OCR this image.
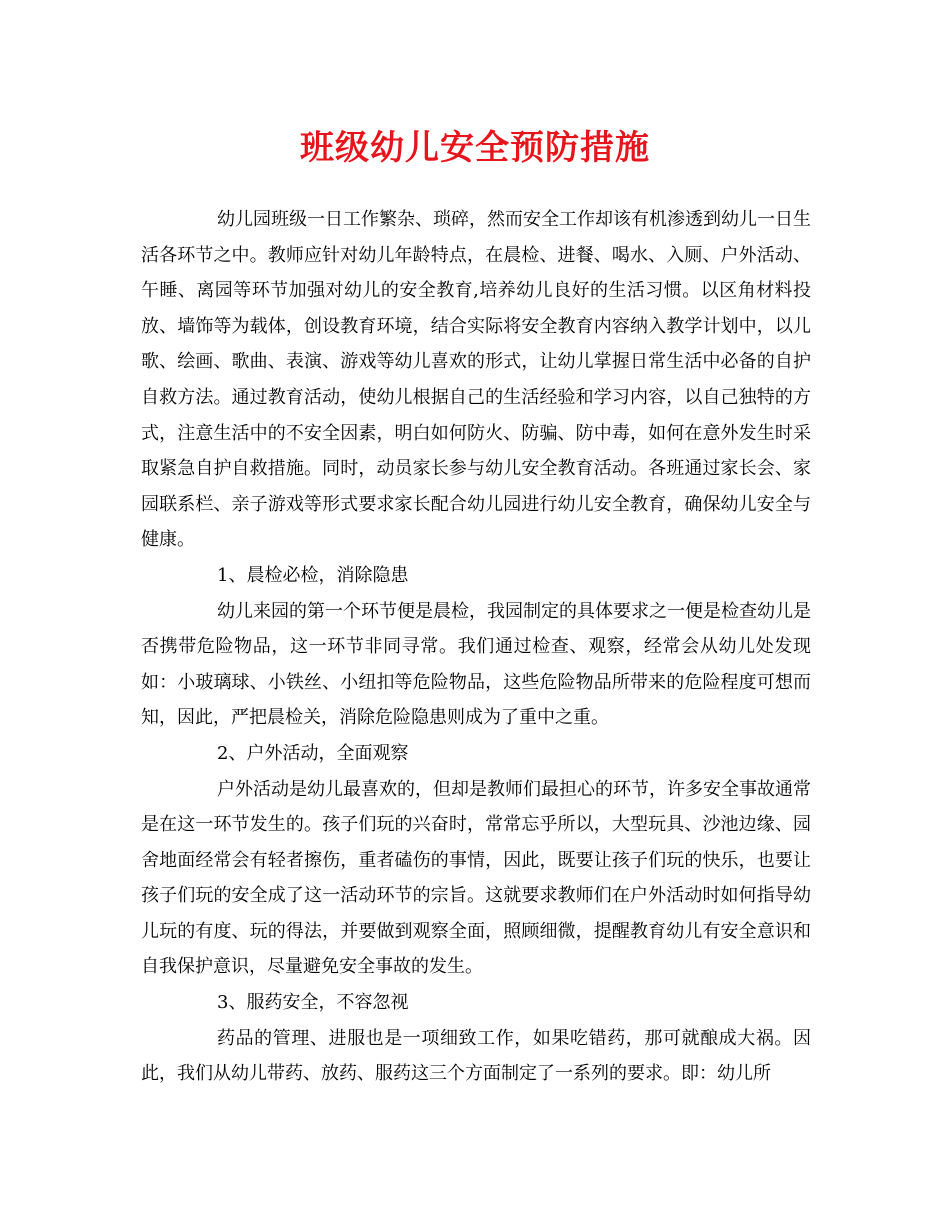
班级幼儿安全预防措施

幼儿园班级一日工作繁杂、琐碎，然而安全工作却该有机渗透到幼儿一日生活各环节之中。教师应针对幼儿年龄特点，在晨检、进餐、喝水、入厕、户外活动、午睡、离园等环节加强对幼儿的安全教育,培养幼儿良好的生活习惯。以区角材料投放、墙饰等为载体，创设教育环境，结合实际将安全教育内容纳入教学计划中，以儿歌、绘画、歌曲、表演、游戏等幼儿喜欢的形式，让幼儿掌握日常生活中必备的自护自救方法。通过教育活动，使幼儿根据自己的生活经验和学习内容，以自己独特的方式，注意生活中的不安全因素，明白如何防火、防骗、防中毒，如何在意外发生时采取紧急自护自救措施。同时，动员家长参与幼儿安全教育活动。各班通过家长会、家园联系栏、亲子游戏等形式要求家长配合幼儿园进行幼儿安全教育，确保幼儿安全与健康。

1、晨检必检，消除隐患

幼儿来园的第一个环节便是晨检，我园制定的具体要求之一便是检查幼儿是否携带危险物品，这一环节非同寻常。我们通过检查、观察，经常会从幼儿处发现如：小玻璃球、小铁丝、小纽扣等危险物品，这些危险物品所带来的危险程度可想而知，因此，严把晨检关，消除危险隐患则成为了重中之重。

2、户外活动，全面观察

户外活动是幼儿最喜欢的，但却是教师们最担心的环节，许多安全事故通常是在这一环节发生的。孩子们玩的兴奋时，常常忘乎所以，大型玩具、沙池边缘、园舍地面经常会有轻者擦伤，重者磕伤的事情，因此，既要让孩子们玩的快乐，也要让孩子们玩的安全成了这一活动环节的宗旨。这就要求教师们在户外活动时如何指导幼儿玩的有度、玩的得法，并要做到观察全面，照顾细微，提醒教育幼儿有安全意识和自我保护意识，尽量避免安全事故的发生。

3、服药安全，不容忽视

药品的管理、进服也是一项细致工作，如果吃错药，那可就酿成大祸。因此，我们从幼儿带药、放药、服药这三个方面制定了一系列的要求。即：幼儿所
